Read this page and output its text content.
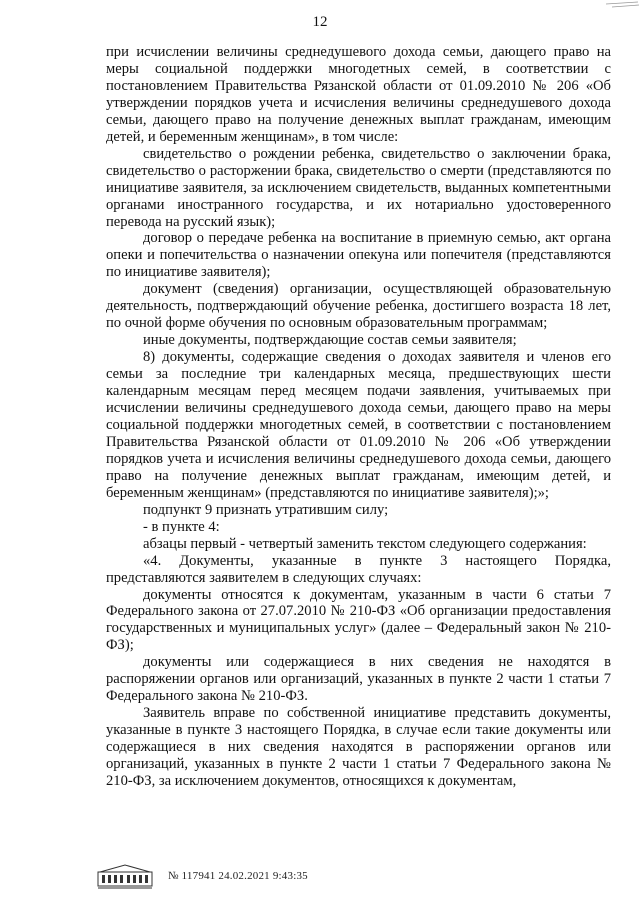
12

при исчислении величины среднедушевого дохода семьи, дающего право на меры социальной поддержки многодетных семей, в соответствии с постановлением Правительства Рязанской области от 01.09.2010 № 206 «Об утверждении порядков учета и исчисления величины среднедушевого дохода семьи, дающего право на получение денежных выплат гражданам, имеющим детей, и беременным женщинам», в том числе:

свидетельство о рождении ребенка, свидетельство о заключении брака, свидетельство о расторжении брака, свидетельство о смерти (представляются по инициативе заявителя, за исключением свидетельств, выданных компетентными органами иностранного государства, и их нотариально удостоверенного перевода на русский язык);

договор о передаче ребенка на воспитание в приемную семью, акт органа опеки и попечительства о назначении опекуна или попечителя (представляются по инициативе заявителя);

документ (сведения) организации, осуществляющей образовательную деятельность, подтверждающий обучение ребенка, достигшего возраста 18 лет, по очной форме обучения по основным образовательным программам;

иные документы, подтверждающие состав семьи заявителя;

8) документы, содержащие сведения о доходах заявителя и членов его семьи за последние три календарных месяца, предшествующих шести календарным месяцам перед месяцем подачи заявления, учитываемых при исчислении величины среднедушевого дохода семьи, дающего право на меры социальной поддержки многодетных семей, в соответствии с постановлением Правительства Рязанской области от 01.09.2010 № 206 «Об утверждении порядков учета и исчисления величины среднедушевого дохода семьи, дающего право на получение денежных выплат гражданам, имеющим детей, и беременным женщинам» (представляются по инициативе заявителя);»;

подпункт 9 признать утратившим силу;

- в пункте 4:

абзацы первый - четвертый заменить текстом следующего содержания:

«4. Документы, указанные в пункте 3 настоящего Порядка, представляются заявителем в следующих случаях:

документы относятся к документам, указанным в части 6 статьи 7 Федерального закона от 27.07.2010 № 210-ФЗ «Об организации предоставления государственных и муниципальных услуг» (далее – Федеральный закон № 210-ФЗ);

документы или содержащиеся в них сведения не находятся в распоряжении органов или организаций, указанных в пункте 2 части 1 статьи 7 Федерального закона № 210-ФЗ.

Заявитель вправе по собственной инициативе представить документы, указанные в пункте 3 настоящего Порядка, в случае если такие документы или содержащиеся в них сведения находятся в распоряжении органов или организаций, указанных в пункте 2 части 1 статьи 7 Федерального закона № 210-ФЗ, за исключением документов, относящихся к документам,

№ 117941 24.02.2021 9:43:35
